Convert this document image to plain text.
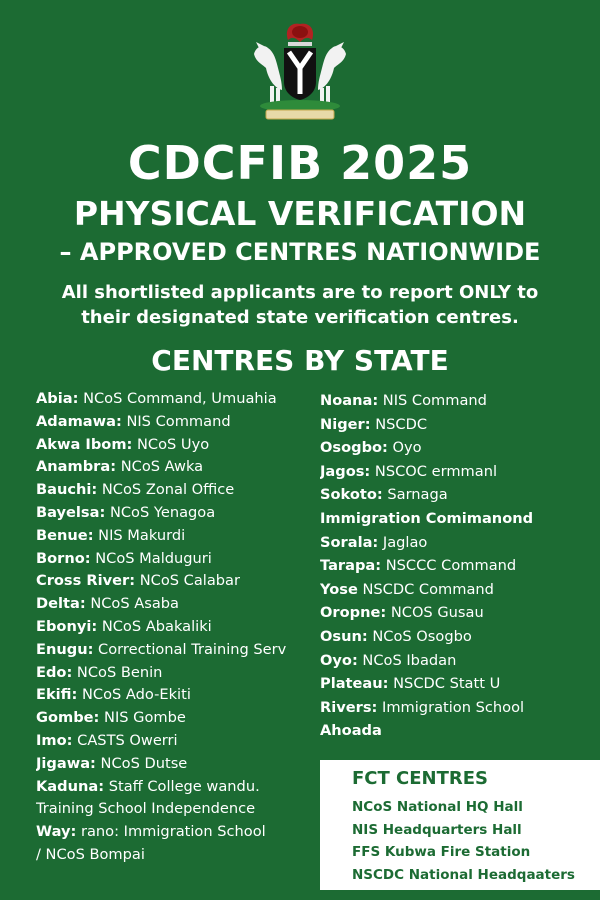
CDCFIB 2025
PHYSICAL VERIFICATION
– APPROVED CENTRES NATIONWIDE
All shortlisted applicants are to report ONLY to their designated state verification centres.
CENTRES BY STATE
Abia: NCoS Command, Umuahia
Adamawa: NIS Command
Akwa Ibom: NCoS Uyo
Anambra: NCoS Awka
Bauchi: NCoS Zonal Office
Bayelsa: NCoS Yenagoa
Benue: NIS Makurdi
Borno: NCoS Malduguri
Cross River: NCoS Calabar
Delta: NCoS Asaba
Ebonyi: NCoS Abakaliki
Enugu: Correctional Training Serv
Edo: NCoS Benin
Ekifi: NCoS Ado-Ekiti
Gombe: NIS Gombe
Imo: CASTS Owerri
Jigawa: NCoS Dutse
Kaduna: Staff College wandu.
Training School Independence
Way: rano: Immigration School
/ NCoS Bompai
Noana: NIS Command
Niger: NSCDC
Osogbo: Oyo
Jagos: NSCOC ermmanl
Sokoto: Sarnaga
Immigration Comimanond
Soralа: Jaglao
Tarapa: NSCCC Command
Yose NSCDC Command
Oropne: NCOS Gusau
Osun: NCoS Osogbo
Oyo: NCoS Ibadan
Plateau: NSCDC Statt U
Rivers: Immigration School
Ahoada
FCT CENTRES
NCoS National HQ Hall
NIS Headquarters Hall
FFS Kubwa Fire Station
NSCDC National Headqaaters
